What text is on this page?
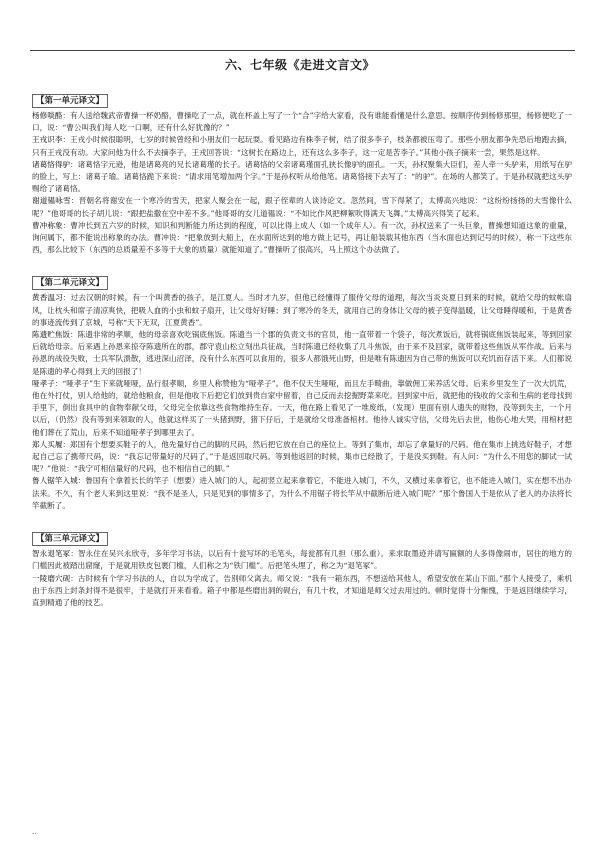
六、七年级《走进文言文》
【第一单元译文】

杨修啖酪：有人送给魏武帝曹操一杯奶酪，曹操吃了一点，就在杯盖上写了一个“合”字给大家看，没有谁能看懂是什么意思。按顺序传到杨修那里，杨修便吃了一口，说：“曹公叫我们每人吃一口啊，还有什么好犹豫的？”

王戎识李：王戎小时候很聪明，七岁的时候曾经和小朋友们一起玩耍。看见路边有株李子树，结了很多李子，枝条都被压弯了。那些小朋友都争先恐后地跑去摘，只有王戎没有动。大家问他为什么不去摘李子，王戎回答说：“这树长在路边上，还有这么多李子，这一定是苦李子。”其他小孩子摘来一尝，果然是这样。

诸葛恪得驴：诸葛恪字元逊，他是诸葛亮的兄长诸葛瑾的长子。诸葛恪的父亲诸葛瑾面孔狭长像驴的面孔。一天，孙权聚集大臣们，差人牵一头驴来，用纸写在驴的脸上，写上：诸葛子瑜。诸葛恪跪下来说：“请求用笔增加两个字。”于是孙权听从给他笔。诸葛恪接下去写了：“的驴”。在场的人都笑了。于是孙权就把这头驴赐给了诸葛恪。

谢道韫咏雪：晋朝名将谢安在一个寒冷的雪天，把家人聚会在一起，跟子侄辈的人谈诗论文。忽然间，雪下得紧了，太傅高兴地说：“这纷纷扬扬的大雪像什么呢？”他哥哥的长子胡儿说：“跟把盐撒在空中差不多。”他哥哥的女儿道韫说：“不如比作风把柳絮吹得满天飞舞。”太傅高兴得笑了起来。

曹冲称象：曹冲长到五六岁的时候，知识和判断能力所达到的程度，可以比得上成人（如一个成年人）。有一次，孙权送来了一头巨象，曹操想知道这象的重量，询问属下，都不能说出称象的办法。曹冲说：“把象放到大船上，在水面所达到的地方做上记号，再让船装载其他东西（当水面也达到记号的时候），称一下这些东西，那么比较下（东西的总质量差不多等于大象的质量）就能知道了。”曹操听了很高兴，马上照这个办法做了。

【第二单元译文】

黄香温习：过去汉朝的时候，有一个叫黄香的孩子，是江夏人。当时才九岁，但他已经懂得了服侍父母的道理，每次当炎炎夏日到来的时候，就给父母的蚊帐扇风，让枕头和席子清凉爽快，把吸人血的小虫和蚊子扇开，让父母好好睡；到了寒冷的冬天，就用自己的身体让父母的被子变得温暖，让父母睡得暖和，于是黄香的事迹流传到了京城，号称“天下无双，江夏黄香”。

陈遗贮焦饭：陈遗非常的孝顺，他的母亲喜欢吃锅底焦饭。陈遗当一个郡的负责文书的官员，他一直带着一个袋子，每次煮饭后，就将锅底焦饭装起来，等到回家后就给母亲。后来遇上孙恩来掠夺陈遗所在的郡，郡守袁山松立刻出兵征战，当时陈遗已经收集了几斗焦饭，由于来不及回家，就带着这些焦饭从军作战。后来与孙恩的战役失败，士兵军队溃散，逃进深山沼泽，没有什么东西可以食用的，很多人都饿死山野，但是唯有陈遗因为自己带的焦饭可以充饥而存活下来。人们都说是陈遗的孝心得到上天的回报了！

哑孝子：“哑孝子”生下来就哑哑，品行很孝顺，乡里人称赞他为“哑孝子”。他不仅天生哑哑，而且左手畸曲，靠做佣工来养活父母。后来乡里发生了一次大饥荒，他在外打仗，别人给他的，就给他粮食，但是他收下后把它们放到贵自家中留着，自己反而去挖掘野菜来吃。回到家中后，就把他的钱收的父亲和生病的老母找到手里下，倒出食具中的食物奉献父母，父母完全依靠这些食物维持生存。一天，他在路上看见了一堆废纸，（发现）里面有别人遗失的财物，没等到失主，一个月以后，（仍然）没有等到来领取的人，他就这样买了一头猪到野，猪下仔后，于是就给父母准备棺材。他待人诚实守信，父母先后去世，他伤心地大哭，用棺材把他们葬在了荒山，后来不知道哑孝子到哪里去了。

郑人买履：郑国有个想要买鞋子的人，他先量好自己的脚的尺码，然后把它放在自己的座位上。等到了集市，却忘了拿量好的尺码。他在集市上挑选好鞋子，才想起自己忘了携带尺码，说：“我忘记带量好的尺码了。”于是返回取尺码。等到他返回的时候，集市已经散了，于是没买到鞋。有人问：“为什么不用您的脚试一试呢？”他说：“我宁可相信量好的尺码，也不相信自己的脚。”

鲁人锯竿入城：鲁国有个拿着长长的竿子（想要）进入城门的人，起初竖立起来拿着它，不能进入城门，不久，又横过来拿着它，也不能进入城门，实在想不出办法来。不久，有个老人来到这里说：“我不是圣人，只是见到的事情多了，为什么不用锯子将长竿从中截断后进入城门呢？”那个鲁国人于是依从了老人的办法将长竿截断了。

【第三单元译文】

智永退笔冢：智永住在吴兴永欣寺，多年学习书法，以后有十瓮写坏的毛笔头，每瓮都有几担（那么重）。来求取墨迹并请写匾额的人多得像闹市，居住的地方的门槛因此被踏出窟窿，于是就用铁皮包裹门槛，人们称之为“铁门槛”。后把笔头埋了，称之为“退笔冢”。

一陵磨穴砚：古时候有个学习书法的人，自以为学成了，告别师父离去。师父说：“我有一箱东西，不想送给其他人，希望安放在某山下面。”那个人接受了，乘机由于东西上封条封得不是很牢，于是就打开来看看。箱子中都是些磨出洞的砚台，有几十枚，才知道是师父过去用过的。顿时觉得十分惭愧，于是返回继续学习，直到精通了他的技艺。

..
